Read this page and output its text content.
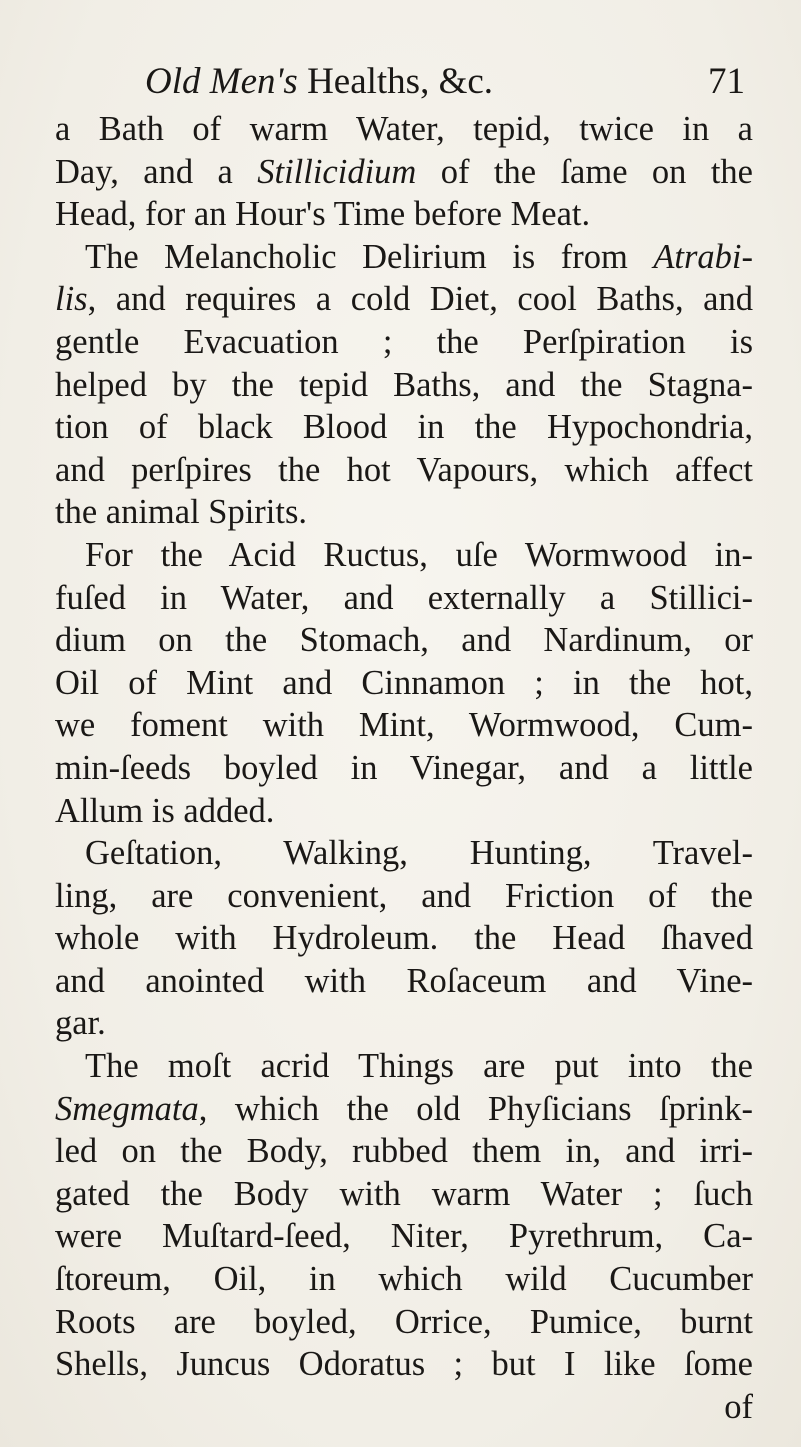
Old Men's Healths, &c.	71
a Bath of warm Water, tepid, twice in a
Day, and a Stillicidium of the ſame on the
Head, for an Hour's Time before Meat.
The Melancholic Delirium is from Atrabi-
lis, and requires a cold Diet, cool Baths, and
gentle Evacuation ; the Perſpiration is
helped by the tepid Baths, and the Stagna-
tion of black Blood in the Hypochondria,
and perſpires the hot Vapours, which affect
the animal Spirits.
For the Acid Ructus, uſe Wormwood in-
fuſed in Water, and externally a Stillici-
dium on the Stomach, and Nardinum, or
Oil of Mint and Cinnamon ; in the hot,
we foment with Mint, Wormwood, Cum-
min-ſeeds boyled in Vinegar, and a little
Allum is added.
Geſtation, Walking, Hunting, Travel-
ling, are convenient, and Friction of the
whole with Hydroleum. the Head ſhaved
and anointed with Roſaceum and Vine-
gar.
The moſt acrid Things are put into the
Smegmata, which the old Phyſicians ſprink-
led on the Body, rubbed them in, and irri-
gated the Body with warm Water ; ſuch
were Muſtard-ſeed, Niter, Pyrethrum, Ca-
ſtoreum, Oil, in which wild Cucumber
Roots are boyled, Orrice, Pumice, burnt
Shells, Juncus Odoratus ; but I like ſome
of
